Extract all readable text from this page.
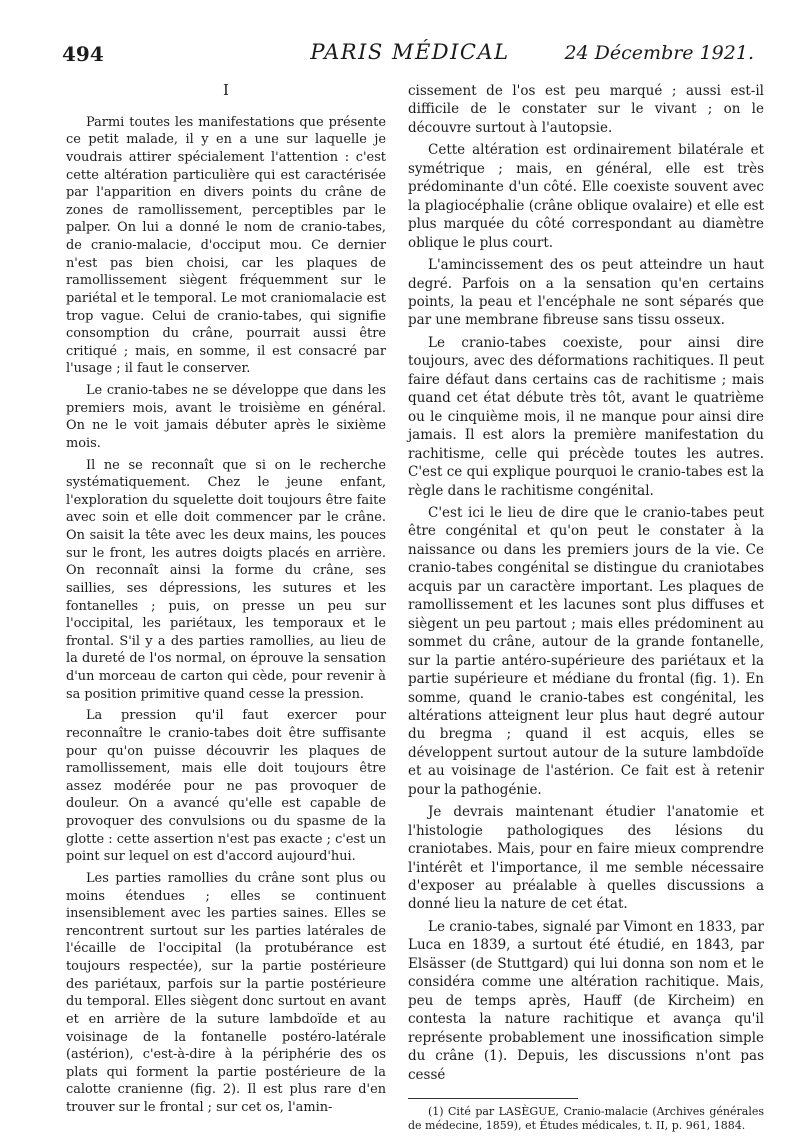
494	PARIS MÉDICAL	24 Décembre 1921.
I

Parmi toutes les manifestations que présente ce petit malade, il y en a une sur laquelle je voudrais attirer spécialement l'attention : c'est cette altération particulière qui est caractérisée par l'apparition en divers points du crâne de zones de ramollissement, perceptibles par le palper. On lui a donné le nom de cranio-tabes, de cranio-malacie, d'occiput mou. Ce dernier n'est pas bien choisi, car les plaques de ramollissement siègent fréquemment sur le pariétal et le temporal. Le mot craniomalacie est trop vague. Celui de cranio-tabes, qui signifie consomption du crâne, pourrait aussi être critiqué ; mais, en somme, il est consacré par l'usage ; il faut le conserver.

Le cranio-tabes ne se développe que dans les premiers mois, avant le troisième en général. On ne le voit jamais débuter après le sixième mois.

Il ne se reconnaît que si on le recherche systématiquement. Chez le jeune enfant, l'exploration du squelette doit toujours être faite avec soin et elle doit commencer par le crâne. On saisit la tête avec les deux mains, les pouces sur le front, les autres doigts placés en arrière. On reconnaît ainsi la forme du crâne, ses saillies, ses dépressions, les sutures et les fontanelles ; puis, on presse un peu sur l'occipital, les pariétaux, les temporaux et le frontal. S'il y a des parties ramollies, au lieu de la dureté de l'os normal, on éprouve la sensation d'un morceau de carton qui cède, pour revenir à sa position primitive quand cesse la pression.

La pression qu'il faut exercer pour reconnaître le cranio-tabes doit être suffisante pour qu'on puisse découvrir les plaques de ramollissement, mais elle doit toujours être assez modérée pour ne pas provoquer de douleur. On a avancé qu'elle est capable de provoquer des convulsions ou du spasme de la glotte : cette assertion n'est pas exacte ; c'est un point sur lequel on est d'accord aujourd'hui.

Les parties ramollies du crâne sont plus ou moins étendues ; elles se continuent insensiblement avec les parties saines. Elles se rencontrent surtout sur les parties latérales de l'écaille de l'occipital (la protubérance est toujours respectée), sur la partie postérieure des pariétaux, parfois sur la partie postérieure du temporal. Elles siègent donc surtout en avant et en arrière de la suture lambdoïde et au voisinage de la fontanelle postéro-latérale (astérion), c'est-à-dire à la périphérie des os plats qui forment la partie postérieure de la calotte cranienne (fig. 2). Il est plus rare d'en trouver sur le frontal ; sur cet os, l'amin-

cissement de l'os est peu marqué ; aussi est-il difficile de le constater sur le vivant ; on le découvre surtout à l'autopsie.

Cette altération est ordinairement bilatérale et symétrique ; mais, en général, elle est très prédominante d'un côté. Elle coexiste souvent avec la plagiocéphalie (crâne oblique ovalaire) et elle est plus marquée du côté correspondant au diamètre oblique le plus court.

L'amincissement des os peut atteindre un haut degré. Parfois on a la sensation qu'en certains points, la peau et l'encéphale ne sont séparés que par une membrane fibreuse sans tissu osseux.

Le cranio-tabes coexiste, pour ainsi dire toujours, avec des déformations rachitiques. Il peut faire défaut dans certains cas de rachitisme ; mais quand cet état débute très tôt, avant le quatrième ou le cinquième mois, il ne manque pour ainsi dire jamais. Il est alors la première manifestation du rachitisme, celle qui précède toutes les autres. C'est ce qui explique pourquoi le cranio-tabes est la règle dans le rachitisme congénital.

C'est ici le lieu de dire que le cranio-tabes peut être congénital et qu'on peut le constater à la naissance ou dans les premiers jours de la vie. Ce cranio-tabes congénital se distingue du craniotabes acquis par un caractère important. Les plaques de ramollissement et les lacunes sont plus diffuses et siègent un peu partout ; mais elles prédominent au sommet du crâne, autour de la grande fontanelle, sur la partie antéro-supérieure des pariétaux et la partie supérieure et médiane du frontal (fig. 1). En somme, quand le cranio-tabes est congénital, les altérations atteignent leur plus haut degré autour du bregma ; quand il est acquis, elles se développent surtout autour de la suture lambdoïde et au voisinage de l'astérion. Ce fait est à retenir pour la pathogénie.

Je devrais maintenant étudier l'anatomie et l'histologie pathologiques des lésions du craniotabes. Mais, pour en faire mieux comprendre l'intérêt et l'importance, il me semble nécessaire d'exposer au préalable à quelles discussions a donné lieu la nature de cet état.

Le cranio-tabes, signalé par Vimont en 1833, par Luca en 1839, a surtout été étudié, en 1843, par Elsässer (de Stuttgard) qui lui donna son nom et le considéra comme une altération rachitique. Mais, peu de temps après, Hauff (de Kircheim) en contesta la nature rachitique et avança qu'il représente probablement une inossification simple du crâne (1). Depuis, les discussions n'ont pas cessé

(1) Cité par LASÈGUE, Cranio-malacie (Archives générales de médecine, 1859), et Études médicales, t. II, p. 961, 1884.
